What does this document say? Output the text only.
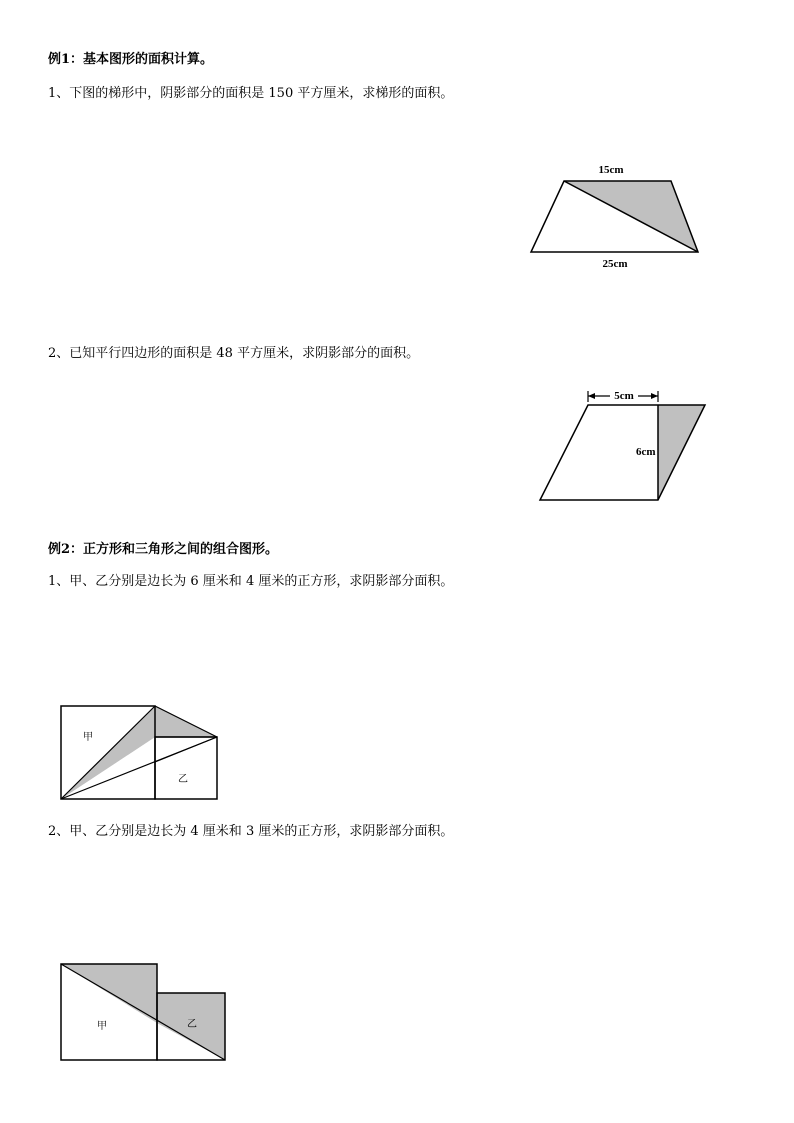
例1：基本图形的面积计算。
1、下图的梯形中，阴影部分的面积是 150 平方厘米，求梯形的面积。
15cm
25cm
2、已知平行四边形的面积是 48 平方厘米，求阴影部分的面积。
5cm
6cm
例2：正方形和三角形之间的组合图形。
1、甲、乙分别是边长为 6 厘米和 4 厘米的正方形，求阴影部分面积。
甲
乙
2、甲、乙分别是边长为 4 厘米和 3 厘米的正方形，求阴影部分面积。
甲	乙
